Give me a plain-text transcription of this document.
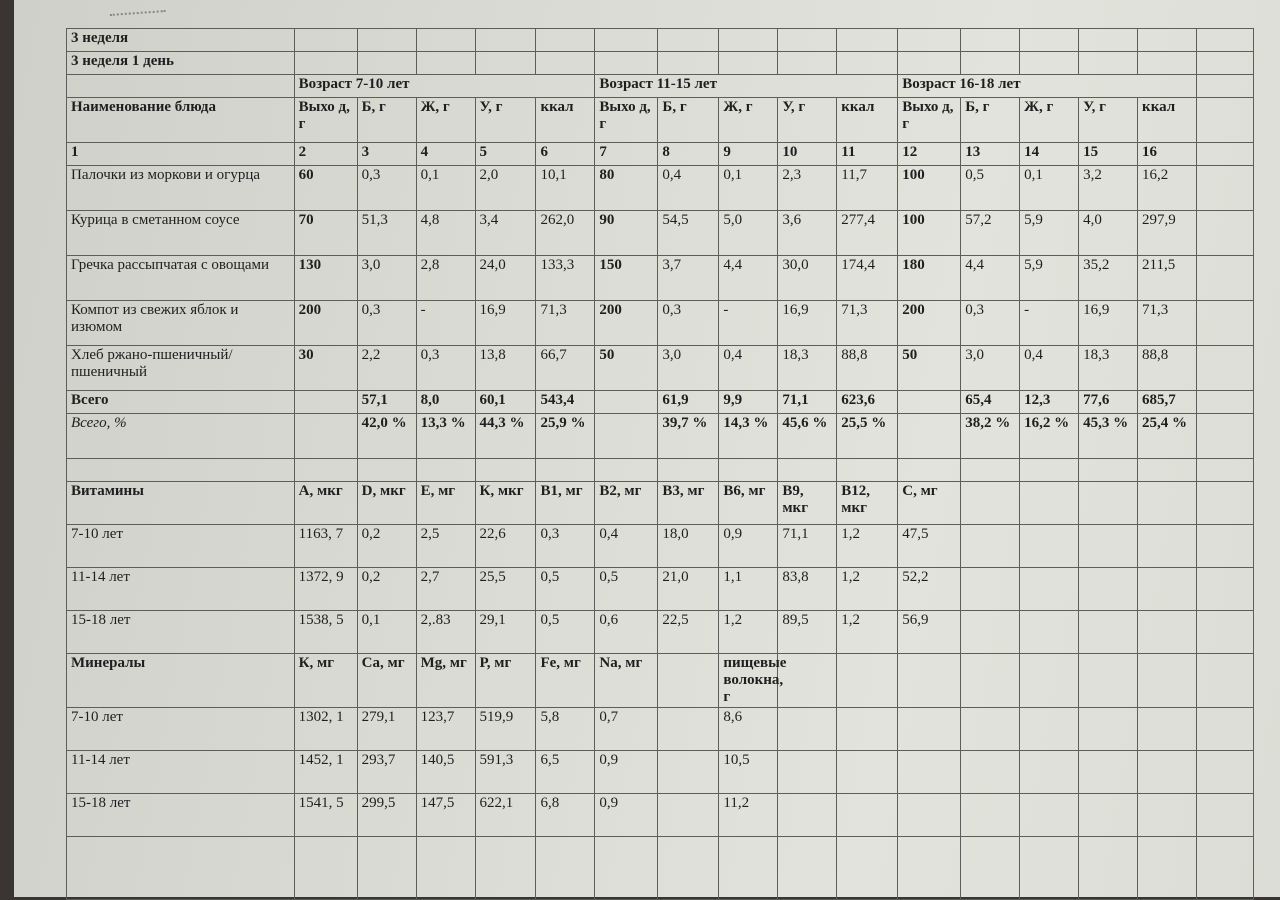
3 неделя																
3 неделя 1 день																
	Возраст 7-10 лет					Возраст 11-15 лет					Возраст 16-18 лет					
Наименование блюда	Выхо д, г	Б, г	Ж, г	У, г	ккал	Выхо д, г	Б, г	Ж, г	У, г	ккал	Выхо д, г	Б, г	Ж, г	У, г	ккал	
1	2	3	4	5	6	7	8	9	10	11	12	13	14	15	16	
Палочки из моркови и огурца	60	0,3	0,1	2,0	10,1	80	0,4	0,1	2,3	11,7	100	0,5	0,1	3,2	16,2	
Курица в сметанном соусе	70	51,3	4,8	3,4	262,0	90	54,5	5,0	3,6	277,4	100	57,2	5,9	4,0	297,9	
Гречка рассыпчатая с овощами	130	3,0	2,8	24,0	133,3	150	3,7	4,4	30,0	174,4	180	4,4	5,9	35,2	211,5	
Компот из свежих яблок и изюмом	200	0,3	-	16,9	71,3	200	0,3	-	16,9	71,3	200	0,3	-	16,9	71,3	
Хлеб ржано-пшеничный/пшеничный	30	2,2	0,3	13,8	66,7	50	3,0	0,4	18,3	88,8	50	3,0	0,4	18,3	88,8	
Всего		57,1	8,0	60,1	543,4		61,9	9,9	71,1	623,6		65,4	12,3	77,6	685,7	
Всего, %		42,0 %	13,3 %	44,3 %	25,9 %		39,7 %	14,3 %	45,6 %	25,5 %		38,2 %	16,2 %	45,3 %	25,4 %	

Витамины	А, мкг	D, мкг	Е, мг	К, мкг	В1, мг	В2, мг	В3, мг	В6, мг	В9, мкг	В12, мкг	С, мг					
7-10 лет	1163, 7	0,2	2,5	22,6	0,3	0,4	18,0	0,9	71,1	1,2	47,5					
11-14 лет	1372, 9	0,2	2,7	25,5	0,5	0,5	21,0	1,1	83,8	1,2	52,2					
15-18 лет	1538, 5	0,1	2,.83	29,1	0,5	0,6	22,5	1,2	89,5	1,2	56,9					
Минералы	К, мг	Са, мг	Mg, мг	Р, мг	Fe, мг	Na, мг		пищевые волокна, г								
7-10 лет	1302, 1	279,1	123,7	519,9	5,8	0,7		8,6								
11-14 лет	1452, 1	293,7	140,5	591,3	6,5	0,9		10,5								
15-18 лет	1541, 5	299,5	147,5	622,1	6,8	0,9		11,2								
